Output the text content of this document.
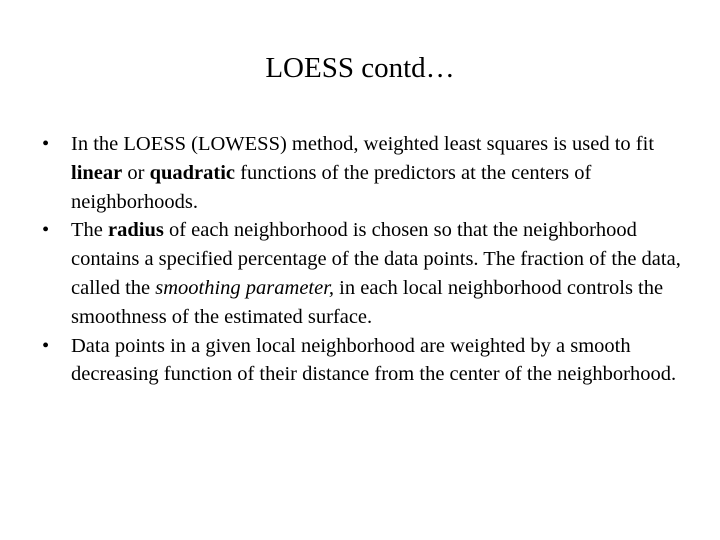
LOESS contd…
• In the LOESS (LOWESS) method, weighted least squares is used to fit linear or quadratic functions of the predictors at the centers of neighborhoods.
• The radius of each neighborhood is chosen so that the neighborhood contains a specified percentage of the data points. The fraction of the data, called the smoothing parameter, in each local neighborhood controls the smoothness of the estimated surface.
• Data points in a given local neighborhood are weighted by a smooth decreasing function of their distance from the center of the neighborhood.
